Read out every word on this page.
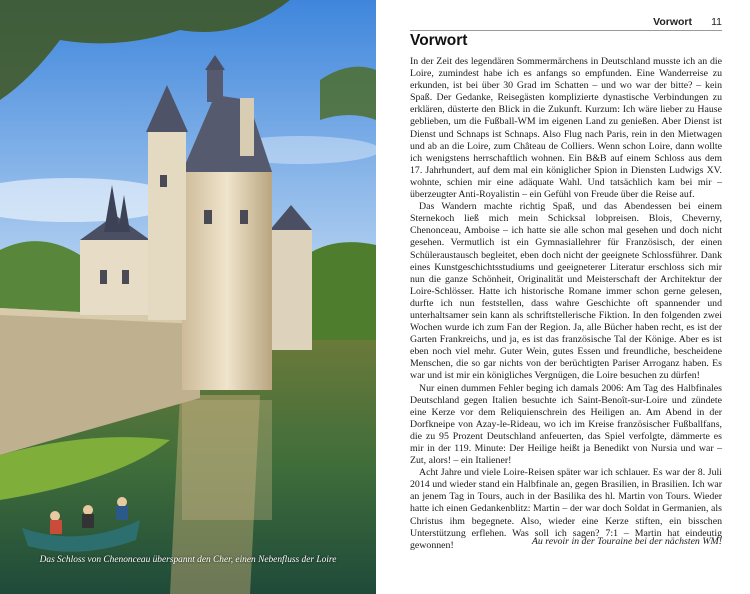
Das Schloss von Chenonceau überspannt den Cher, einen Nebenfluss der Loire
Vorwort 11
Vorwort

In der Zeit des legendären Sommermärchens in Deutschland musste ich an die Loire, zumindest habe ich es anfangs so empfunden. Eine Wanderreise zu erkunden, ist bei über 30 Grad im Schatten – und wo war der bitte? – kein Spaß. Der Gedanke, Reisegästen komplizierte dynastische Verbindungen zu erklären, düsterte den Blick in die Zukunft. Kurzum: Ich wäre lieber zu Hause geblieben, um die Fußball-WM im eigenen Land zu genießen. Aber Dienst ist Dienst und Schnaps ist Schnaps. Also Flug nach Paris, rein in den Mietwagen und ab an die Loire, zum Château de Colliers. Wenn schon Loire, dann wollte ich wenigstens herrschaftlich wohnen. Ein B&B auf einem Schloss aus dem 17. Jahrhundert, auf dem mal ein königlicher Spion in Diensten Ludwigs XV. wohnte, schien mir eine adäquate Wahl. Und tatsächlich kam bei mir – überzeugter Anti-Royalistin – ein Gefühl von Freude über die Reise auf.

Das Wandern machte richtig Spaß, und das Abendessen bei einem Sternekoch ließ mich mein Schicksal lobpreisen. Blois, Cheverny, Chenonceau, Amboise – ich hatte sie alle schon mal gesehen und doch nicht gesehen. Vermutlich ist ein Gymnasiallehrer für Französisch, der einen Schüleraustausch begleitet, eben doch nicht der geeignete Schlossführer. Dank eines Kunstgeschichtsstudiums und geeigneterer Literatur erschloss sich mir nun die ganze Schönheit, Originalität und Meisterschaft der Architektur der Loire-Schlösser. Hatte ich historische Romane immer schon gerne gelesen, durfte ich nun feststellen, dass wahre Geschichte oft spannender und unterhaltsamer sein kann als schriftstellerische Fiktion. In den folgenden zwei Wochen wurde ich zum Fan der Region. Ja, alle Bücher haben recht, es ist der Garten Frankreichs, und ja, es ist das französische Tal der Könige. Aber es ist eben noch viel mehr. Guter Wein, gutes Essen und freundliche, bescheidene Menschen, die so gar nichts von der berüchtigten Pariser Arroganz haben. Es war und ist mir ein königliches Vergnügen, die Loire besuchen zu dürfen!

Nur einen dummen Fehler beging ich damals 2006: Am Tag des Halbfinales Deutschland gegen Italien besuchte ich Saint-Benoît-sur-Loire und zündete eine Kerze vor dem Reliquienschrein des Heiligen an. Am Abend in der Dorfkneipe von Azay-le-Rideau, wo ich im Kreise französischer Fußballfans, die zu 95 Prozent Deutschland anfeuerten, das Spiel verfolgte, dämmerte es mir in der 119. Minute: Der Heilige heißt ja Benedikt von Nursia und war – Zut, alors! – ein Italiener!

Acht Jahre und viele Loire-Reisen später war ich schlauer. Es war der 8. Juli 2014 und wieder stand ein Halbfinale an, gegen Brasilien, in Brasilien. Ich war an jenem Tag in Tours, auch in der Basilika des hl. Martin von Tours. Wieder hatte ich einen Gedankenblitz: Martin – der war doch Soldat in Germanien, als Christus ihm begegnete. Also, wieder eine Kerze stiften, ein bisschen Unterstützung erflehen. Was soll ich sagen? 7:1 – Martin hat eindeutig gewonnen!	Au revoir in der Touraine bei der nächsten WM!
